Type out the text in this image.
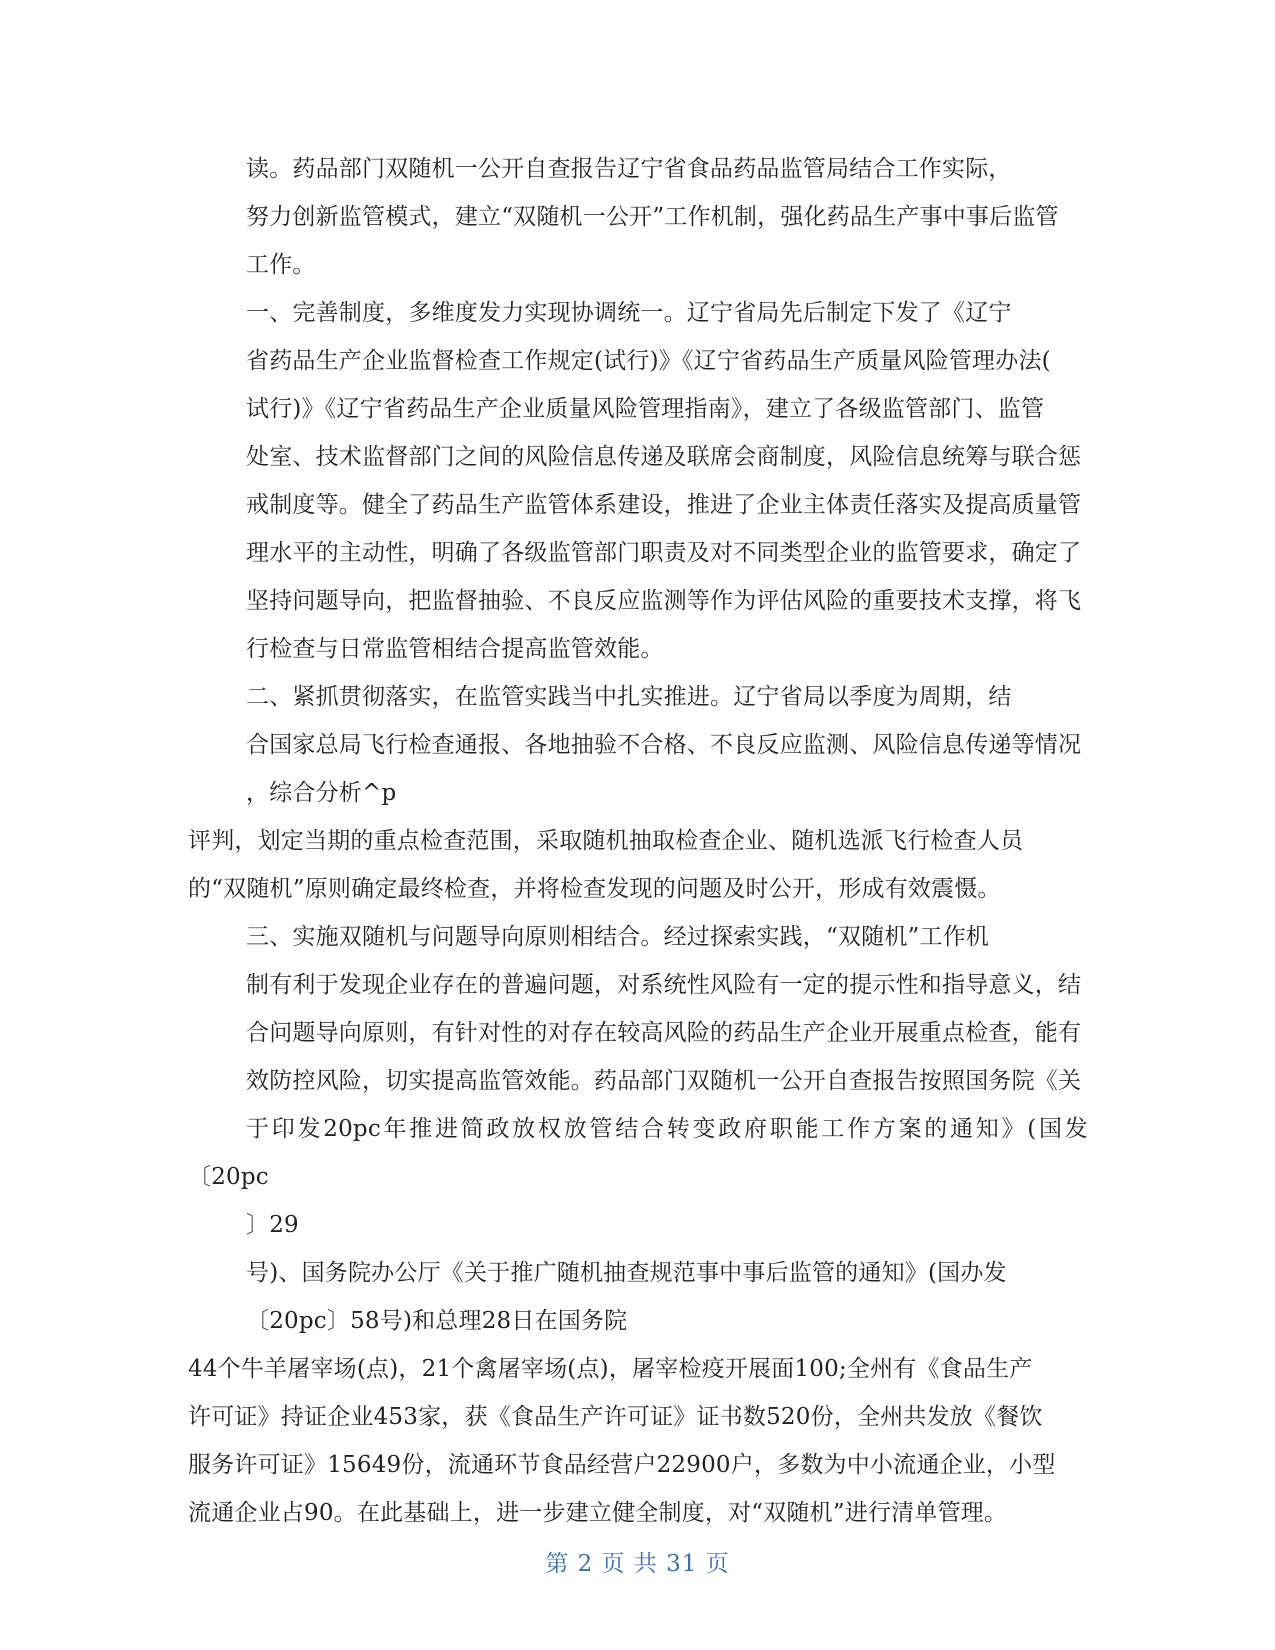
读。药品部门双随机一公开自查报告辽宁省食品药品监管局结合工作实际，
努力创新监管模式，建立“双随机一公开”工作机制，强化药品生产事中事后监管
工作。

一、完善制度，多维度发力实现协调统一。辽宁省局先后制定下发了《辽宁
省药品生产企业监督检查工作规定(试行)》《辽宁省药品生产质量风险管理办法(
试行)》《辽宁省药品生产企业质量风险管理指南》，建立了各级监管部门、监管
处室、技术监督部门之间的风险信息传递及联席会商制度，风险信息统筹与联合惩
戒制度等。健全了药品生产监管体系建设，推进了企业主体责任落实及提高质量管
理水平的主动性，明确了各级监管部门职责及对不同类型企业的监管要求，确定了
坚持问题导向，把监督抽验、不良反应监测等作为评估风险的重要技术支撑，将飞
行检查与日常监管相结合提高监管效能。

二、紧抓贯彻落实，在监管实践当中扎实推进。辽宁省局以季度为周期，结
合国家总局飞行检查通报、各地抽验不合格、不良反应监测、风险信息传递等情况
，综合分析^p

评判，划定当期的重点检查范围，采取随机抽取检查企业、随机选派飞行检查人员
的“双随机”原则确定最终检查，并将检查发现的问题及时公开，形成有效震慑。

三、实施双随机与问题导向原则相结合。经过探索实践，“双随机”工作机
制有利于发现企业存在的普遍问题，对系统性风险有一定的提示性和指导意义，结
合问题导向原则，有针对性的对存在较高风险的药品生产企业开展重点检查，能有
效防控风险，切实提高监管效能。药品部门双随机一公开自查报告按照国务院《关
于印发20pc年推进简政放权放管结合转变政府职能工作方案的通知》(国发〔20pc
〕29

号)、国务院办公厅《关于推广随机抽查规范事中事后监管的通知》(国办发
〔20pc〕58号)和总理28日在国务院

44个牛羊屠宰场(点)，21个禽屠宰场(点)，屠宰检疫开展面100;全州有《食品生产
许可证》持证企业453家，获《食品生产许可证》证书数520份，全州共发放《餐饮
服务许可证》15649份，流通环节食品经营户22900户，多数为中小流通企业，小型
流通企业占90。在此基础上，进一步建立健全制度，对“双随机”进行清单管理。

第 2 页 共 31 页
